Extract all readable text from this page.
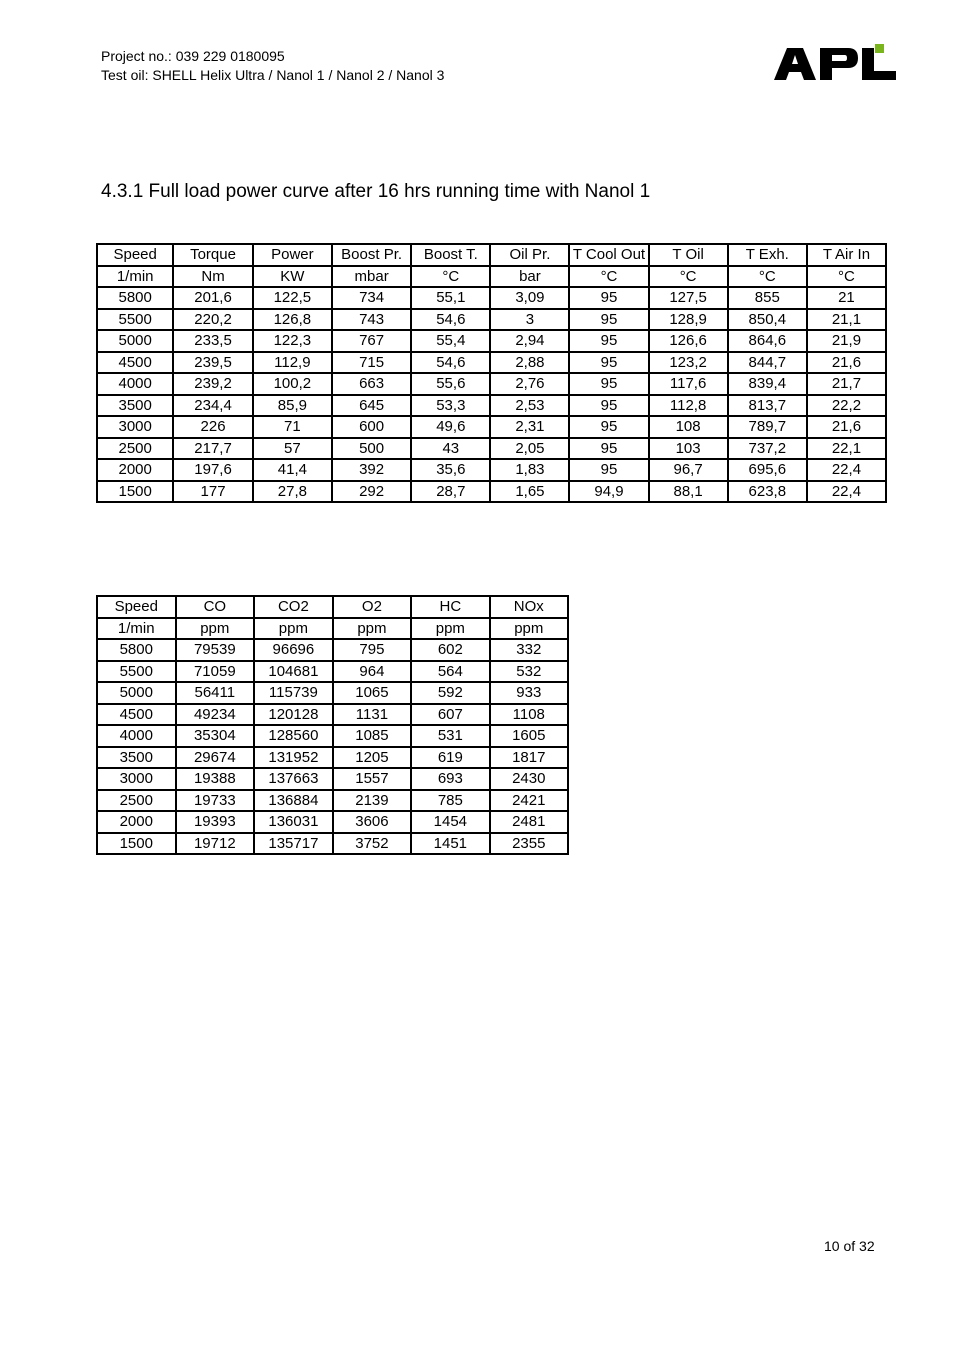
Project no.: 039 229 0180095
Test oil: SHELL Helix Ultra / Nanol 1 / Nanol 2 / Nanol 3
4.3.1 Full load power curve after 16 hrs running time with Nanol 1
Speed	Torque	Power	Boost Pr.	Boost T.	Oil Pr.	T Cool Out	T Oil	T Exh.	T Air In
1/min	Nm	KW	mbar	°C	bar	°C	°C	°C	°C
5800	201,6	122,5	734	55,1	3,09	95	127,5	855	21
5500	220,2	126,8	743	54,6	3	95	128,9	850,4	21,1
5000	233,5	122,3	767	55,4	2,94	95	126,6	864,6	21,9
4500	239,5	112,9	715	54,6	2,88	95	123,2	844,7	21,6
4000	239,2	100,2	663	55,6	2,76	95	117,6	839,4	21,7
3500	234,4	85,9	645	53,3	2,53	95	112,8	813,7	22,2
3000	226	71	600	49,6	2,31	95	108	789,7	21,6
2500	217,7	57	500	43	2,05	95	103	737,2	22,1
2000	197,6	41,4	392	35,6	1,83	95	96,7	695,6	22,4
1500	177	27,8	292	28,7	1,65	94,9	88,1	623,8	22,4
Speed	CO	CO2	O2	HC	NOx
1/min	ppm	ppm	ppm	ppm	ppm
5800	79539	96696	795	602	332
5500	71059	104681	964	564	532
5000	56411	115739	1065	592	933
4500	49234	120128	1131	607	1108
4000	35304	128560	1085	531	1605
3500	29674	131952	1205	619	1817
3000	19388	137663	1557	693	2430
2500	19733	136884	2139	785	2421
2000	19393	136031	3606	1454	2481
1500	19712	135717	3752	1451	2355
10 of 32
